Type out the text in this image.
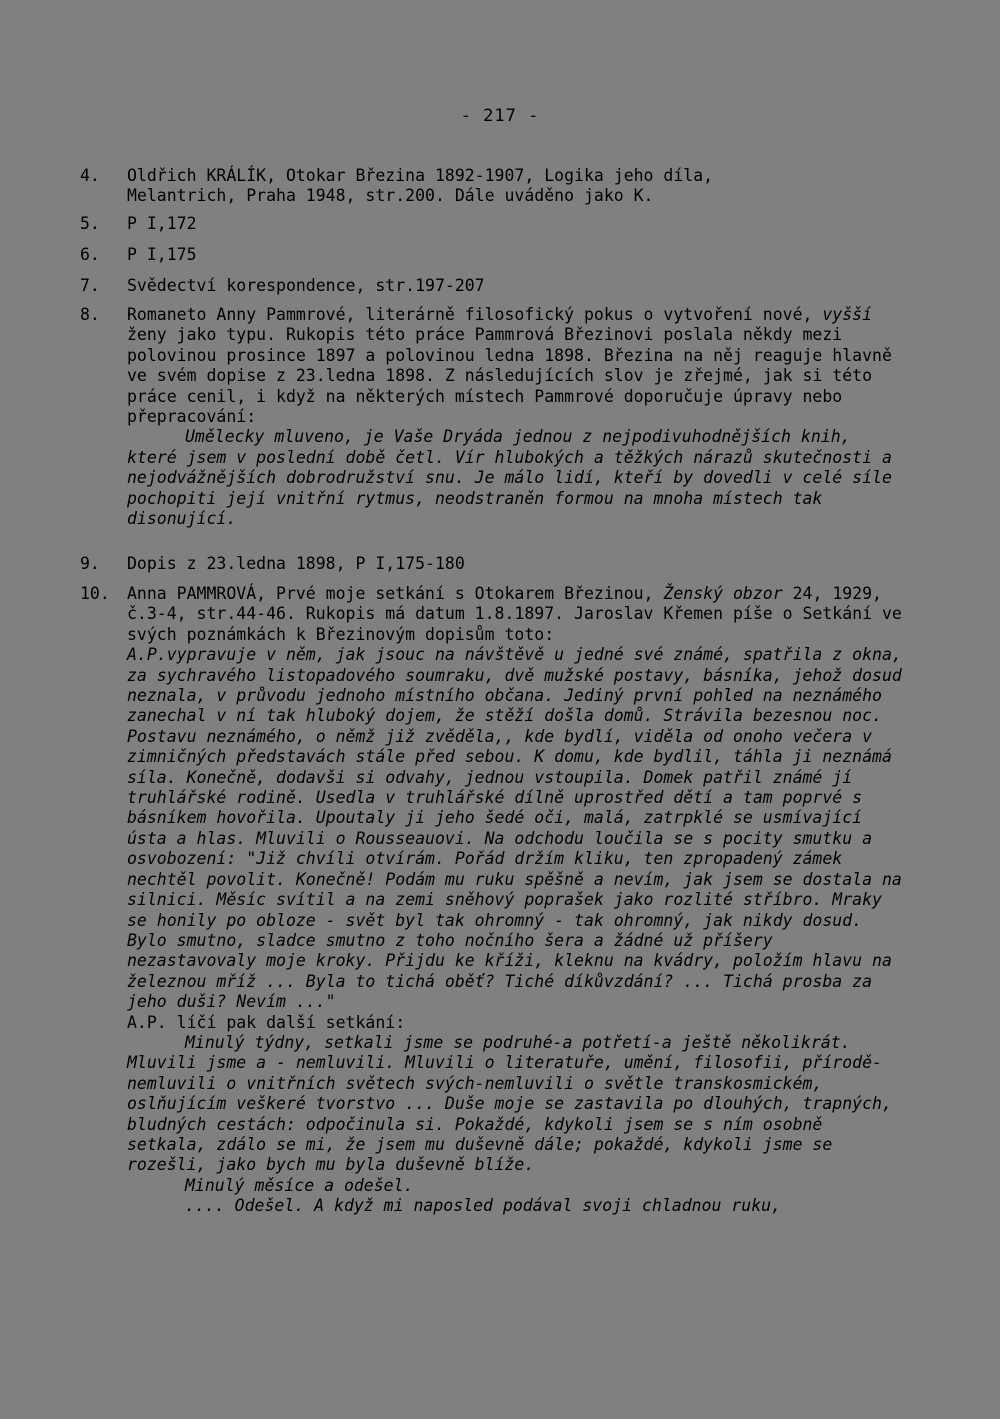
- 217 -
4.	Oldřich KRÁLÍK, Otokar Březina 1892-1907, Logika jeho díla,

Melantrich, Praha 1948, str.200. Dále uváděno jako K.

5.	P I,172

6.	P I,175

7.	Svědectví korespondence, str.197-207

8.	Romaneto Anny Pammrové, literárně filosofický pokus o vytvoření nové, vyšší ženy jako typu. Rukopis této práce Pammrová Březinovi poslala někdy mezi polovinou prosince 1897 a polovinou ledna 1898. Březina na něj reaguje hlavně ve svém dopise z 23.ledna 1898. Z následujících slov je zřejmé, jak si této práce cenil, i když na některých místech Pammrové doporučuje úpravy nebo přepracování:

Umělecky mluveno, je Vaše Dryáda jednou z nejpodivuhodnějších knih, které jsem v poslední době četl. Vír hlubokých a těžkých nárazů skutečnosti a nejodvážnějších dobrodružství snu. Je málo lidí, kteří by dovedli v celé síle pochopiti její vnitřní rytmus, neodstraněn formou na mnoha místech tak disonující.

9.	Dopis z 23.ledna 1898, P I,175-180

10.	Anna PAMMROVÁ, Prvé moje setkání s Otokarem Březinou, Ženský obzor 24, 1929, č.3-4, str.44-46. Rukopis má datum 1.8.1897. Jaroslav Křemen píše o Setkání ve svých poznámkách k Březinovým dopisům toto:

A.P.vypravuje v něm, jak jsouc na návštěvě u jedné své známé, spatřila z okna, za sychravého listopadového soumraku, dvě mužské postavy, básníka, jehož dosud neznala, v průvodu jednoho místního občana. Jediný první pohled na neznámého zanechal v ní tak hluboký dojem, že stěží došla domů. Strávila bezesnou noc. Postavu neznámého, o němž již zvěděla,, kde bydlí, viděla od onoho večera v zimničných představách stále před sebou. K domu, kde bydlil, táhla ji neznámá síla. Konečně, dodavši si odvahy, jednou vstoupila. Domek patřil známé jí truhlářské rodině. Usedla v truhlářské dílně uprostřed dětí a tam poprvé s básníkem hovořila. Upoutaly ji jeho šedé oči, malá, zatrpklé se usmívající ústa a hlas. Mluvili o Rousseauovi. Na odchodu loučila se s pocity smutku a osvobození: "Již chvíli otvírám. Pořád držím kliku, ten zpropadený zámek nechtěl povolit. Konečně! Podám mu ruku spěšně a nevím, jak jsem se dostala na silnici. Měsíc svítil a na zemi sněhový poprašek jako rozlité stříbro. Mraky se honily po obloze - svět byl tak ohromný - tak ohromný, jak nikdy dosud. Bylo smutno, sladce smutno z toho nočního šera a žádné už příšery nezastavovaly moje kroky. Přijdu ke kříži, kleknu na kvádry, položím hlavu na železnou mříž ... Byla to tichá oběť? Tiché díkůvzdání? ... Tichá prosba za jeho duši? Nevím ..."

A.P. líčí pak další setkání:

Minulý týdny, setkali jsme se podruhé-a potřetí-a ještě několikrát. Mluvili jsme a - nemluvili. Mluvili o literatuře, umění, filosofii, přírodě-nemluvili o vnitřních světech svých-nemluvili o světle transkosmickém, oslňujícím veškeré tvorstvo ... Duše moje se zastavila po dlouhých, trapných, bludných cestách: odpočinula si. Pokaždé, kdykoli jsem se s ním osobně setkala, zdálo se mi, že jsem mu duševně dále; pokaždé, kdykoli jsme se rozešli, jako bych mu byla duševně blíže.

Minulý měsíce a odešel.

.... Odešel. A když mi naposled podával svoji chladnou ruku,
